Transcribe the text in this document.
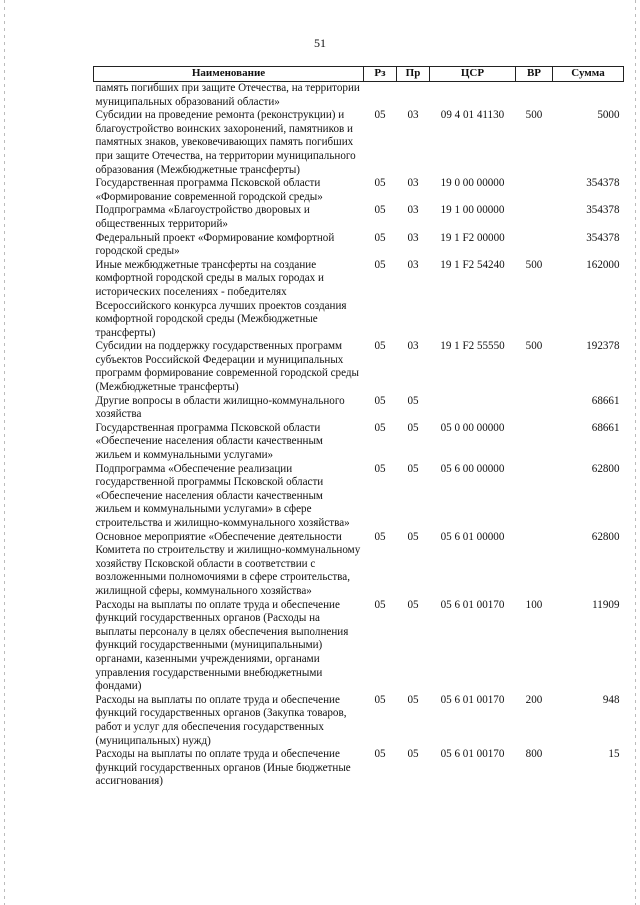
51
Наименование	Рз	Пр	ЦСР	ВР	Сумма
память погибших при защите Отечества, на территории муниципальных образований области»					
Субсидии на проведение ремонта (реконструкции) и благоустройство воинских захоронений, памятников и памятных знаков, увековечивающих память погибших при защите Отечества, на территории муниципального образования (Межбюджетные трансферты)	05	03	09 4 01 41130	500	5000
Государственная программа Псковской области «Формирование современной городской среды»	05	03	19 0 00 00000		354378
Подпрограмма «Благоустройство дворовых и общественных территорий»	05	03	19 1 00 00000		354378
Федеральный проект «Формирование комфортной городской среды»	05	03	19 1 F2 00000		354378
Иные межбюджетные трансферты на создание комфортной городской среды в малых городах и исторических поселениях - победителях Всероссийского конкурса лучших проектов создания комфортной городской среды (Межбюджетные трансферты)	05	03	19 1 F2 54240	500	162000
Субсидии на поддержку государственных программ субъектов Российской Федерации и муниципальных программ формирование современной городской среды (Межбюджетные трансферты)	05	03	19 1 F2 55550	500	192378
Другие вопросы в области жилищно-коммунального хозяйства	05	05			68661
Государственная программа Псковской области «Обеспечение населения области качественным жильем и коммунальными услугами»	05	05	05 0 00 00000		68661
Подпрограмма «Обеспечение реализации государственной программы Псковской области «Обеспечение населения области качественным жильем и коммунальными услугами» в сфере строительства и жилищно-коммунального хозяйства»	05	05	05 6 00 00000		62800
Основное мероприятие «Обеспечение деятельности Комитета по строительству и жилищно-коммунальному хозяйству Псковской области в соответствии с возложенными полномочиями в сфере строительства, жилищной сферы, коммунального хозяйства»	05	05	05 6 01 00000		62800
Расходы на выплаты по оплате труда и обеспечение функций государственных органов (Расходы на выплаты персоналу в целях обеспечения выполнения функций государственными (муниципальными) органами, казенными учреждениями, органами управления государственными внебюджетными фондами)	05	05	05 6 01 00170	100	11909
Расходы на выплаты по оплате труда и обеспечение функций государственных органов (Закупка товаров, работ и услуг для обеспечения государственных (муниципальных) нужд)	05	05	05 6 01 00170	200	948
Расходы на выплаты по оплате труда и обеспечение функций государственных органов (Иные бюджетные ассигнования)	05	05	05 6 01 00170	800	15
